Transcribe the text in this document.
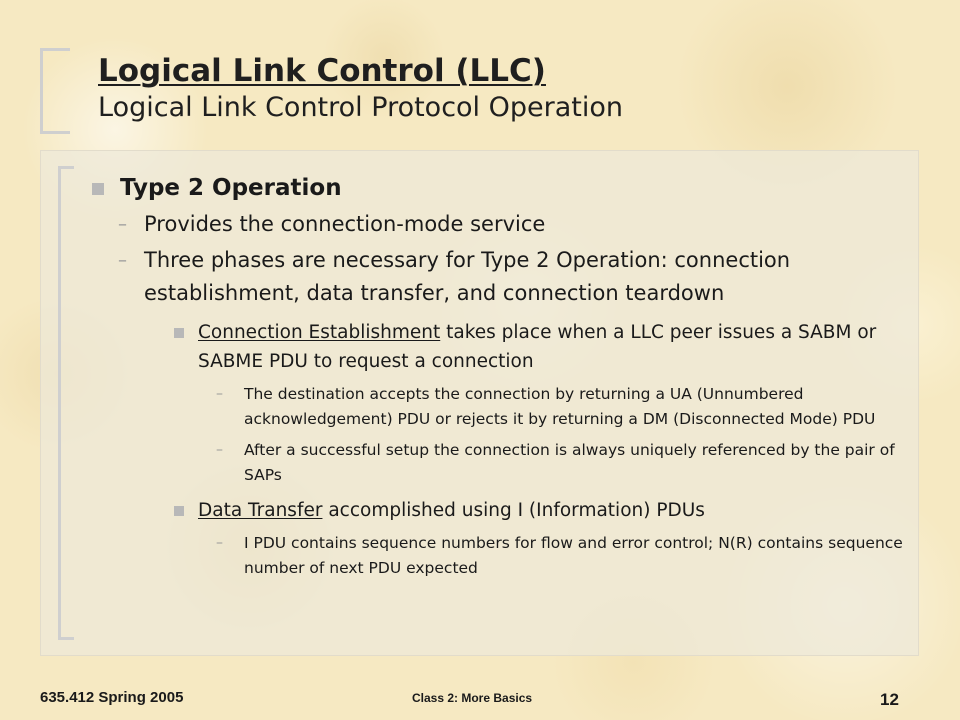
Logical Link Control (LLC)
Logical Link Control Protocol Operation
Type 2 Operation
– Provides the connection-mode service
– Three phases are necessary for Type 2 Operation: connection establishment, data transfer, and connection teardown
Connection Establishment takes place when a LLC peer issues a SABM or SABME PDU to request a connection
–	The destination accepts the connection by returning a UA (Unnumbered acknowledgement) PDU or rejects it by returning a DM (Disconnected Mode) PDU
–	After a successful setup the connection is always uniquely referenced by the pair of SAPs
Data Transfer accomplished using I (Information) PDUs
–	I PDU contains sequence numbers for flow and error control; N(R) contains sequence number of next PDU expected
635.412 Spring 2005	Class 2: More Basics	12
